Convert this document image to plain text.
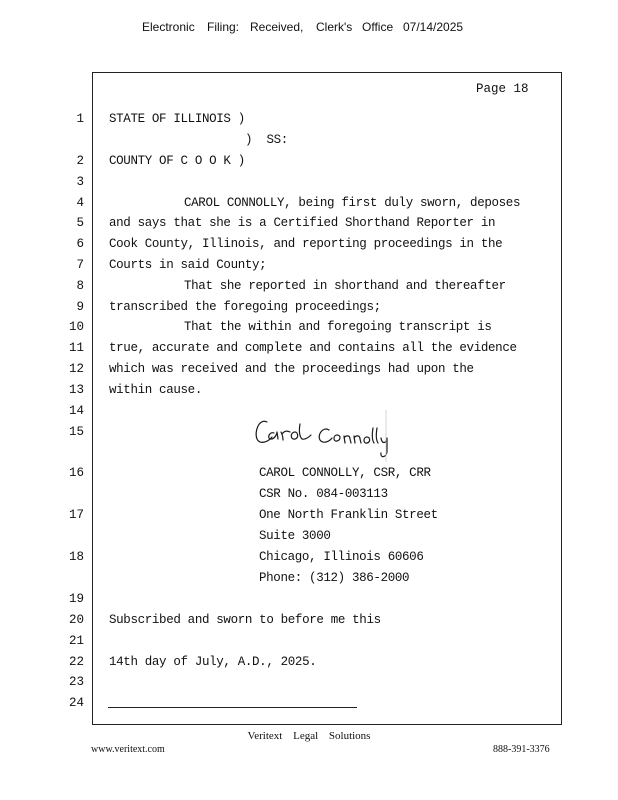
Electronic Filing: Received, Clerk's Office 07/14/2025
Page 18
1
2
3
4
5
6
7
8
9
10
11
12
13
14
15
16
17
18
19
20
21
22
23
24
STATE OF ILLINOIS )
)  SS:
COUNTY OF C O O K )
CAROL CONNOLLY, being first duly sworn, deposes
and says that she is a Certified Shorthand Reporter in
Cook County, Illinois, and reporting proceedings in the
Courts in said County;
That she reported in shorthand and thereafter
transcribed the foregoing proceedings;
That the within and foregoing transcript is
true, accurate and complete and contains all the evidence
which was received and the proceedings had upon the
within cause.
CAROL CONNOLLY, CSR, CRR
CSR No. 084-003113
One North Franklin Street
Suite 3000
Chicago, Illinois 60606
Phone: (312) 386-2000
Subscribed and sworn to before me this
14th day of July, A.D., 2025.
Veritext Legal Solutions
www.veritext.com	888-391-3376
